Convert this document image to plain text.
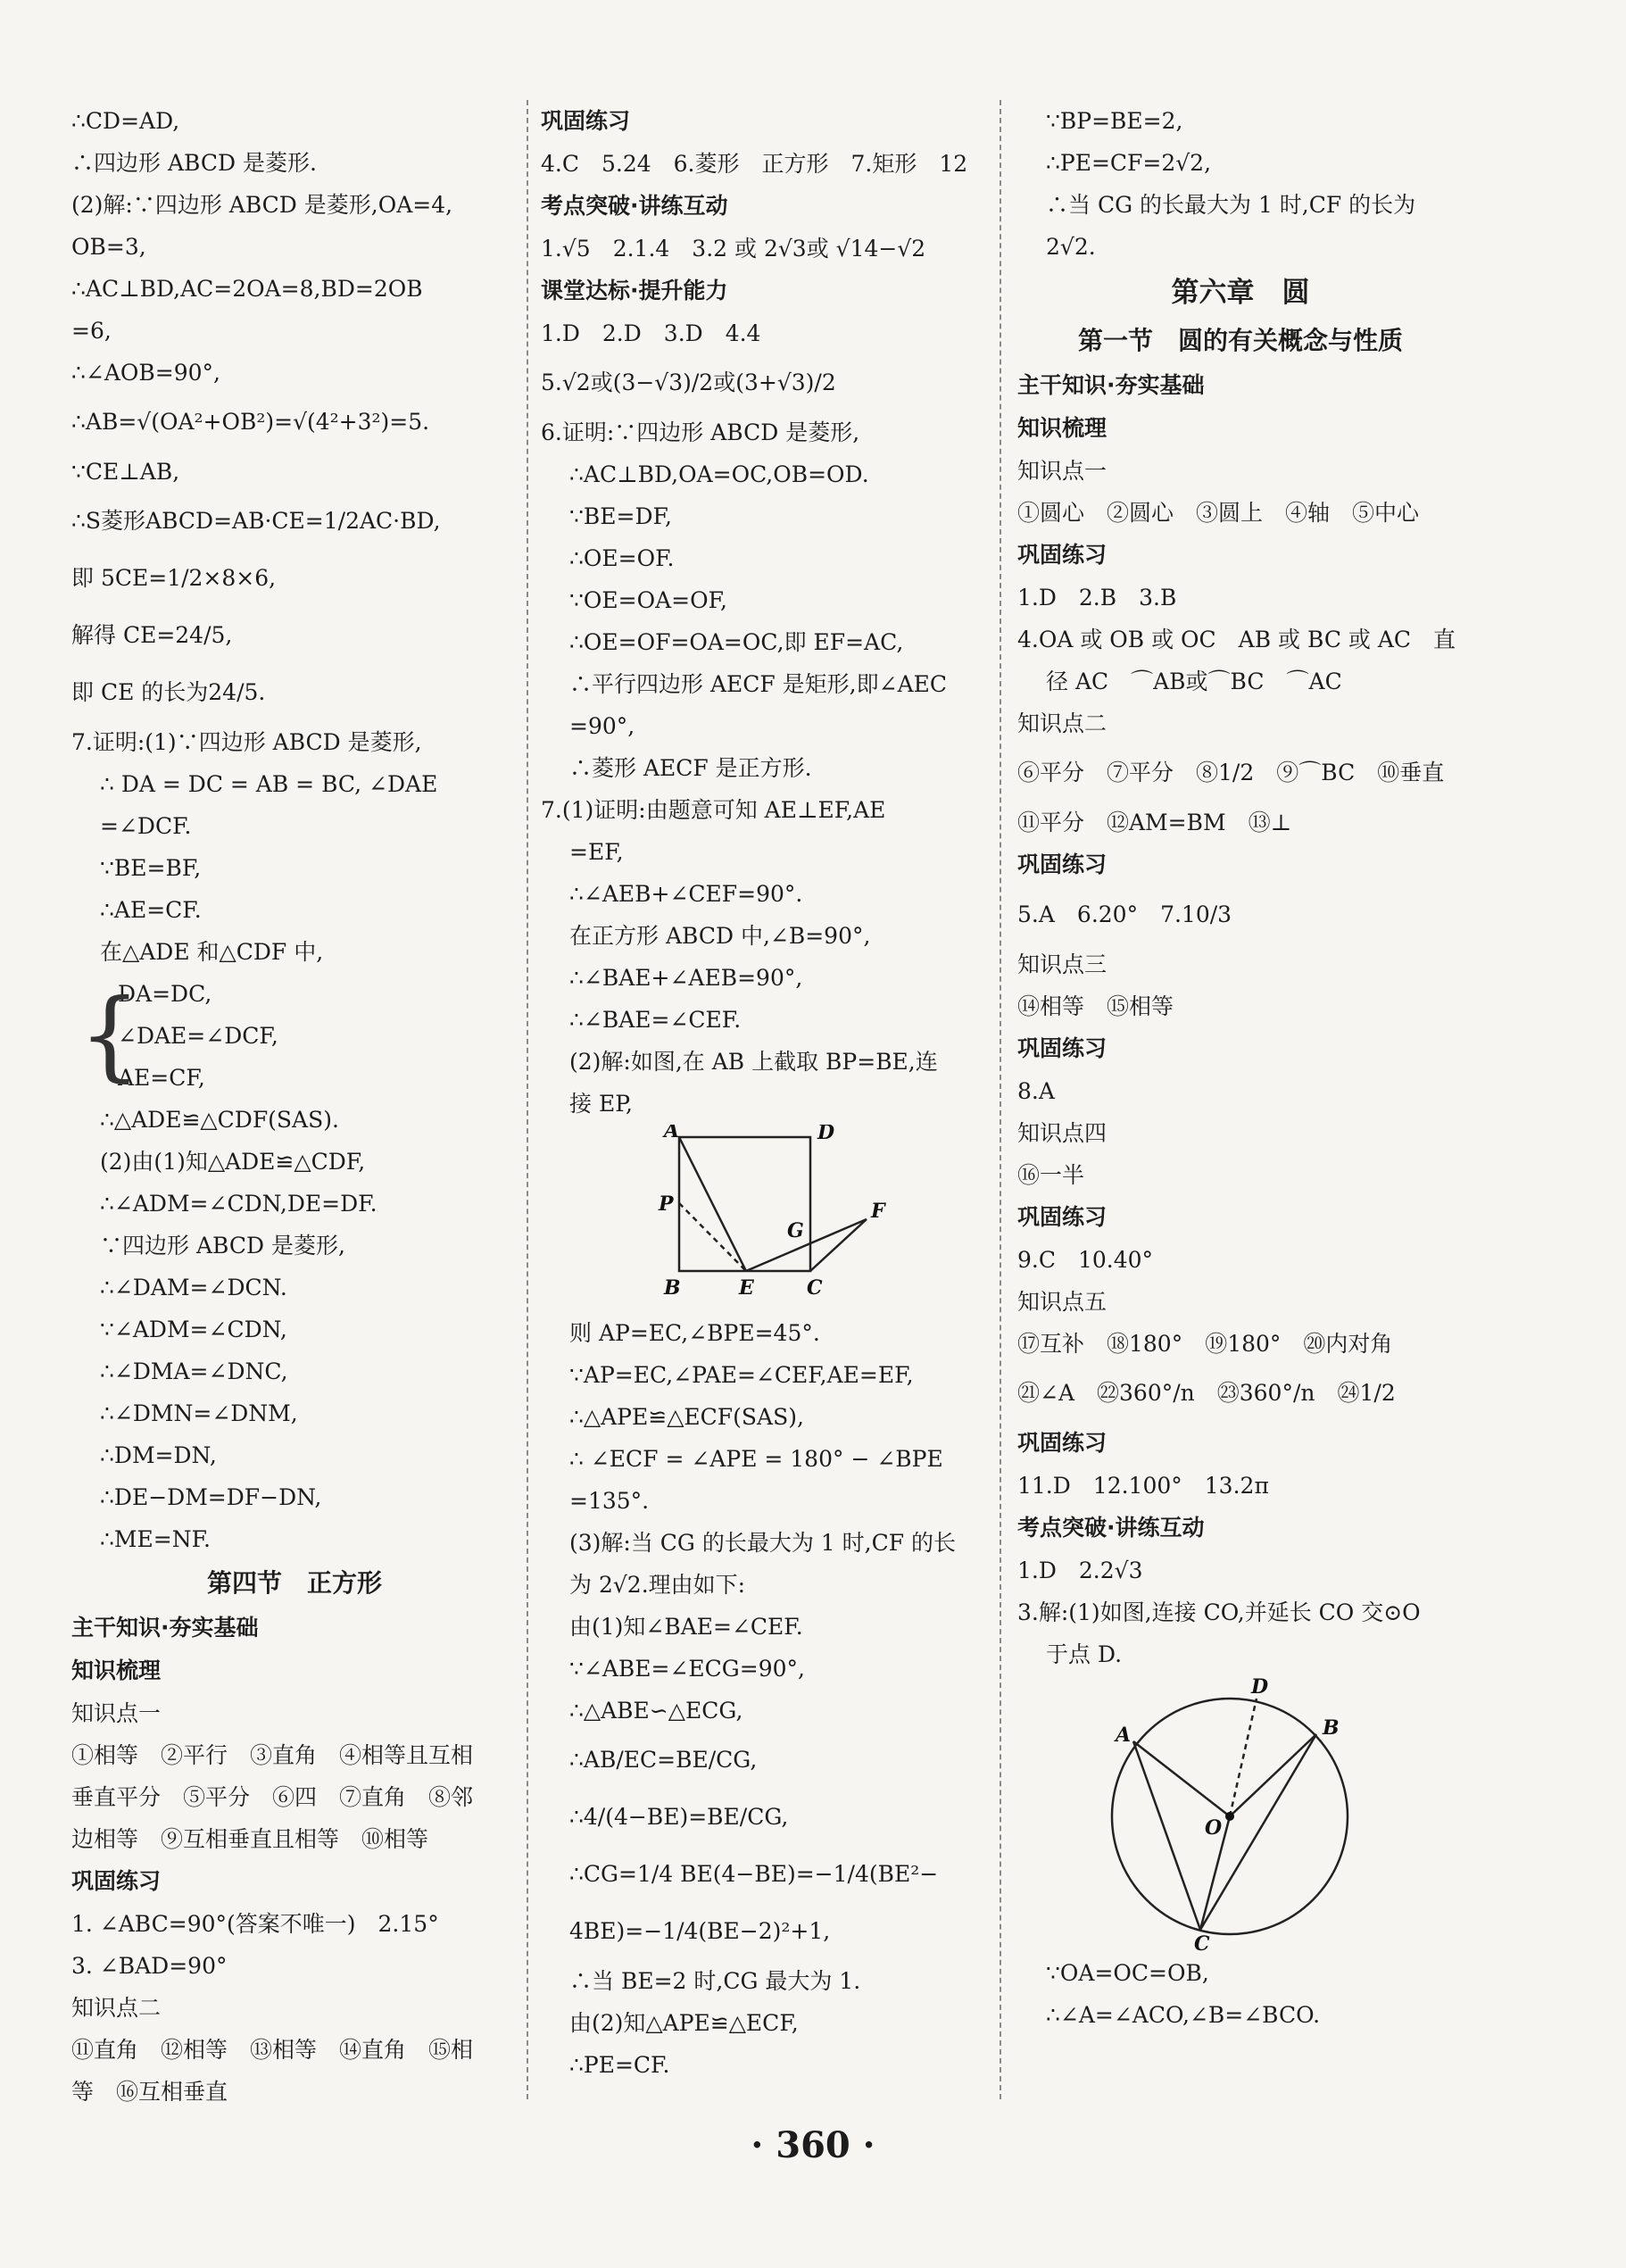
∴CD=AD,
∴四边形 ABCD 是菱形.
(2)解:∵四边形 ABCD 是菱形,OA=4,
OB=3,
∴AC⊥BD,AC=2OA=8,BD=2OB
=6,
∴∠AOB=90°,
∴AB=√(OA²+OB²)=√(4²+3²)=5.
∵CE⊥AB,
∴S菱形ABCD=AB·CE=1/2AC·BD,
即 5CE=1/2×8×6,
解得 CE=24/5,
即 CE 的长为24/5.
7.证明:(1)∵四边形 ABCD 是菱形,
∴ DA = DC = AB = BC, ∠DAE
=∠DCF.
∵BE=BF,
∴AE=CF.
在△ADE 和△CDF 中,
{
DA=DC,
∠DAE=∠DCF,
AE=CF,
∴△ADE≌△CDF(SAS).
(2)由(1)知△ADE≌△CDF,
∴∠ADM=∠CDN,DE=DF.
∵四边形 ABCD 是菱形,
∴∠DAM=∠DCN.
∵∠ADM=∠CDN,
∴∠DMA=∠DNC,
∴∠DMN=∠DNM,
∴DM=DN,
∴DE−DM=DF−DN,
∴ME=NF.
第四节　正方形
主干知识·夯实基础
知识梳理
知识点一
①相等　②平行　③直角　④相等且互相
垂直平分　⑤平分　⑥四　⑦直角　⑧邻
边相等　⑨互相垂直且相等　⑩相等
巩固练习
1. ∠ABC=90°(答案不唯一)　2.15°
3. ∠BAD=90°
知识点二
⑪直角　⑫相等　⑬相等　⑭直角　⑮相
等　⑯互相垂直
巩固练习
4.C　5.24　6.菱形　正方形　7.矩形　12
考点突破·讲练互动
1.√5　2.1.4　3.2 或 2√3或 √14−√2
课堂达标·提升能力
1.D　2.D　3.D　4.4
5.√2或(3−√3)/2或(3+√3)/2
6.证明:∵四边形 ABCD 是菱形,
∴AC⊥BD,OA=OC,OB=OD.
∵BE=DF,
∴OE=OF.
∵OE=OA=OF,
∴OE=OF=OA=OC,即 EF=AC,
∴平行四边形 AECF 是矩形,即∠AEC
=90°,
∴菱形 AECF 是正方形.
7.(1)证明:由题意可知 AE⊥EF,AE
=EF,
∴∠AEB+∠CEF=90°.
在正方形 ABCD 中,∠B=90°,
∴∠BAE+∠AEB=90°,
∴∠BAE=∠CEF.
(2)解:如图,在 AB 上截取 BP=BE,连
接 EP,
A	D
P
G
F
B	E	C
则 AP=EC,∠BPE=45°.
∵AP=EC,∠PAE=∠CEF,AE=EF,
∴△APE≌△ECF(SAS),
∴ ∠ECF = ∠APE = 180° − ∠BPE
=135°.
(3)解:当 CG 的长最大为 1 时,CF 的长
为 2√2.理由如下:
由(1)知∠BAE=∠CEF.
∵∠ABE=∠ECG=90°,
∴△ABE∽△ECG,
∴AB/EC=BE/CG,
∴4/(4−BE)=BE/CG,
∴CG=1/4 BE(4−BE)=−1/4(BE²−
4BE)=−1/4(BE−2)²+1,
∴当 BE=2 时,CG 最大为 1.
由(2)知△APE≌△ECF,
∴PE=CF.
∵BP=BE=2,
∴PE=CF=2√2,
∴当 CG 的长最大为 1 时,CF 的长为
2√2.
第六章　圆
第一节　圆的有关概念与性质
主干知识·夯实基础
知识梳理
知识点一
①圆心　②圆心　③圆上　④轴　⑤中心
巩固练习
1.D　2.B　3.B
4.OA 或 OB 或 OC　AB 或 BC 或 AC　直
径 AC　⌒AB或⌒BC　⌒AC
知识点二
⑥平分　⑦平分　⑧1/2　⑨⌒BC　⑩垂直
⑪平分　⑫AM=BM　⑬⊥
巩固练习
5.A　6.20°　7.10/3
知识点三
⑭相等　⑮相等
巩固练习
8.A
知识点四
⑯一半
巩固练习
9.C　10.40°
知识点五
⑰互补　⑱180°　⑲180°　⑳内对角
㉑∠A　㉒360°/n　㉓360°/n　㉔1/2
巩固练习
11.D　12.100°　13.2π
考点突破·讲练互动
1.D　2.2√3
3.解:(1)如图,连接 CO,并延长 CO 交⊙O
于点 D.
D
A	B
O
C
∵OA=OC=OB,
∴∠A=∠ACO,∠B=∠BCO.
· 360 ·
